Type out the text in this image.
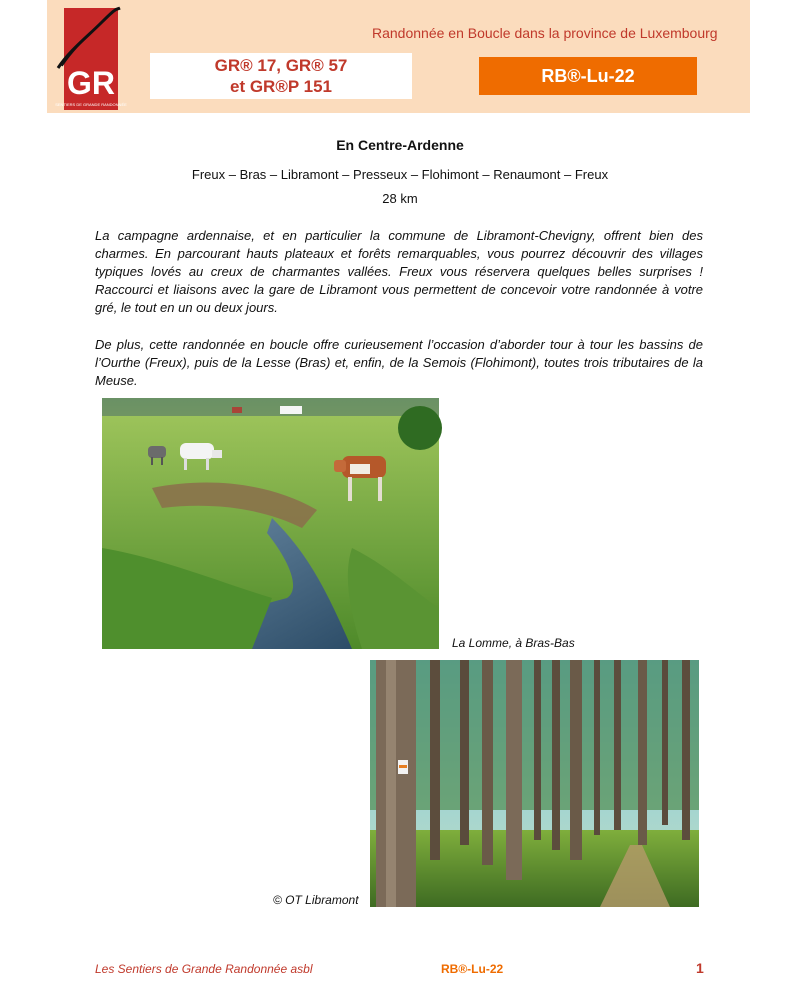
GR
SENTIERS DE GRANDE RANDONNÉE
Randonnée en Boucle dans la province de Luxembourg
GR® 17, GR® 57
et GR®P 151
RB®-Lu-22
En Centre-Ardenne
Freux – Bras – Libramont – Presseux – Flohimont – Renaumont – Freux
28 km

La campagne ardennaise, et en particulier la commune de Libramont-Chevigny, offrent bien des charmes. En parcourant hauts plateaux et forêts remarquables, vous pourrez découvrir des villages typiques lovés au creux de charmantes vallées. Freux vous réservera quelques belles surprises ! Raccourci et liaisons avec la gare de Libramont vous permettent de concevoir votre randonnée à votre gré, le tout en un ou deux jours.

De plus, cette randonnée en boucle offre curieusement l’occasion d’aborder tour à tour les bassins de l’Ourthe (Freux), puis de la Lesse (Bras) et, enfin, de la Semois (Flohimont), toutes trois tributaires de la Meuse.

La Lomme, à Bras-Bas
© OT Libramont
Les Sentiers de Grande Randonnée asbl	RB®-Lu-22	1
